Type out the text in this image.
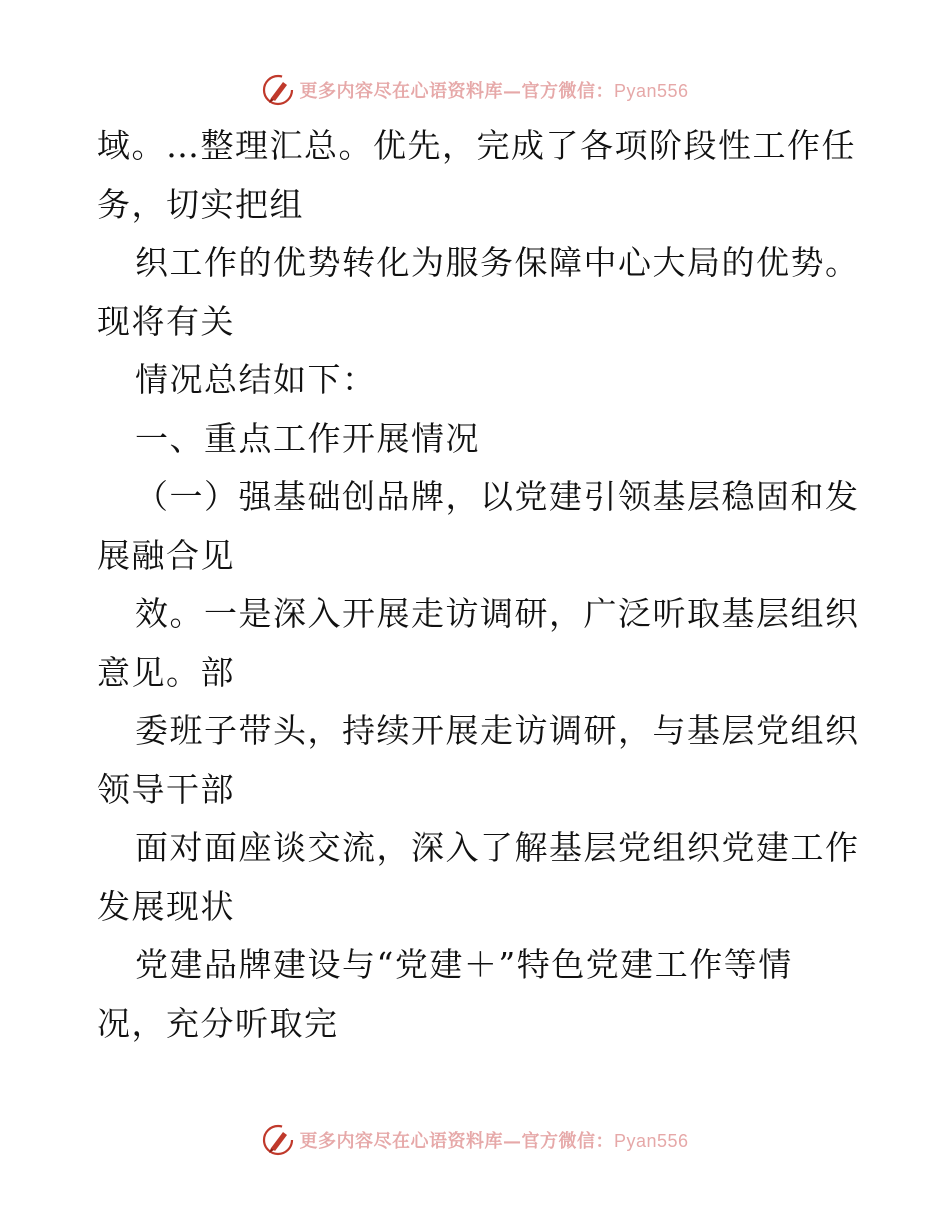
更多内容尽在心语资料库—官方微信：Pyan556
域。…整理汇总。优先，完成了各项阶段性工作任
务，切实把组
织工作的优势转化为服务保障中心大局的优势。
现将有关
情况总结如下：
一、重点工作开展情况
（一）强基础创品牌，以党建引领基层稳固和发
展融合见
效。一是深入开展走访调研，广泛听取基层组织
意见。部
委班子带头，持续开展走访调研，与基层党组织
领导干部
面对面座谈交流，深入了解基层党组织党建工作
发展现状
党建品牌建设与“党建＋”特色党建工作等情
况，充分听取完
更多内容尽在心语资料库—官方微信：Pyan556
